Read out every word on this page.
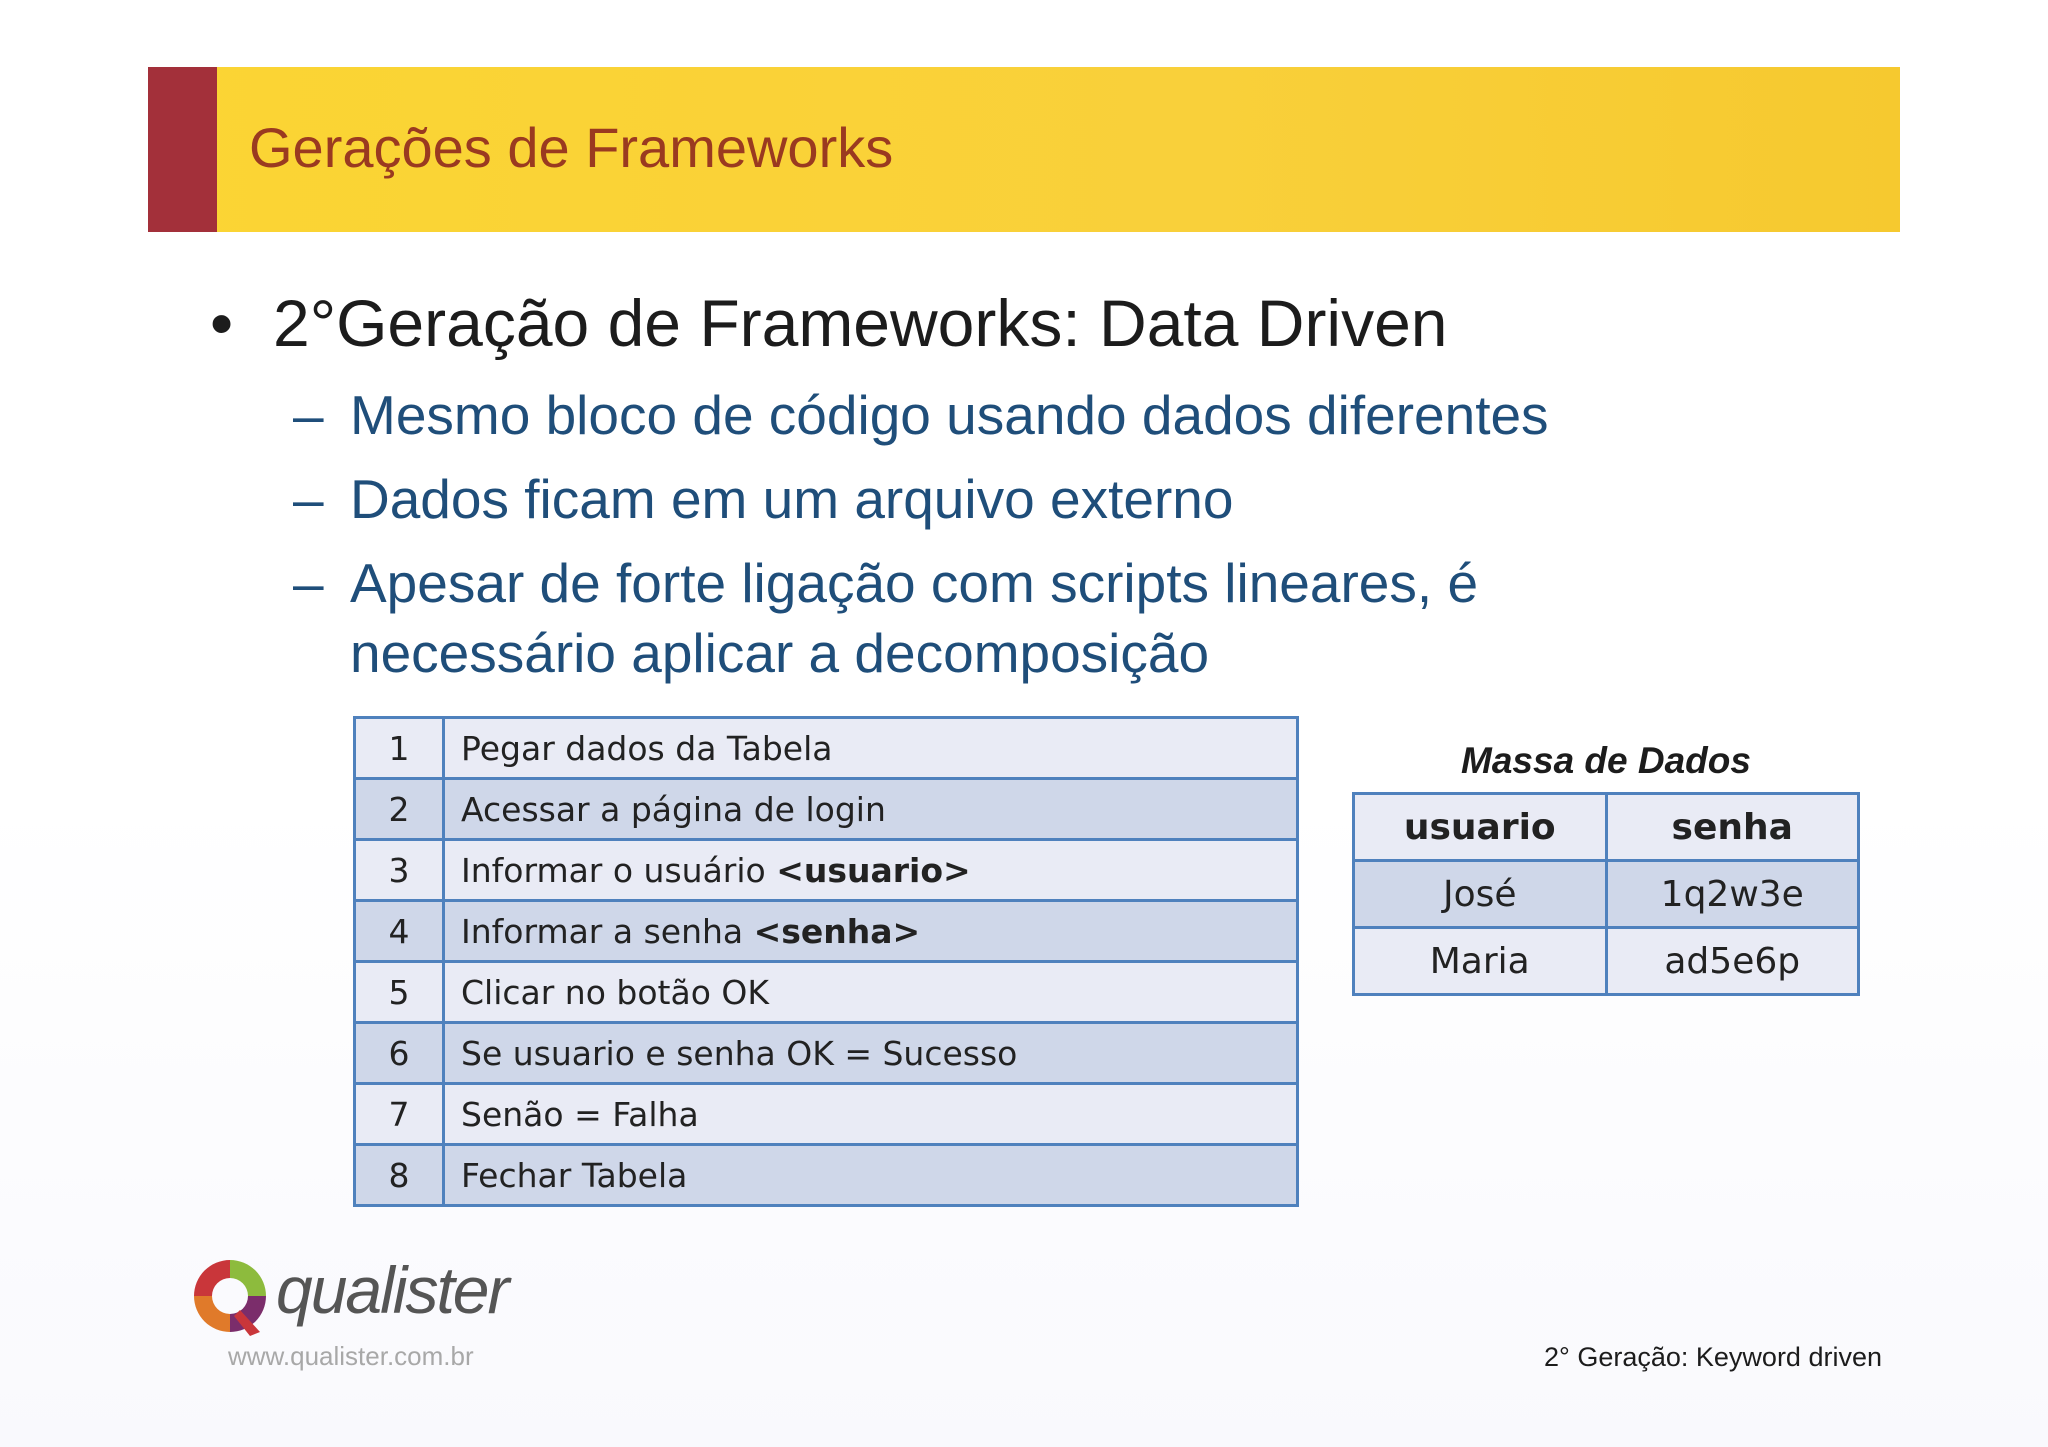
Gerações de Frameworks
• 2°Geração de Frameworks: Data Driven
– Mesmo bloco de código usando dados diferentes
– Dados ficam em um arquivo externo
– Apesar de forte ligação com scripts lineares, é necessário aplicar a decomposição
1	Pegar dados da Tabela
2	Acessar a página de login
3	Informar o usuário <usuario>
4	Informar a senha <senha>
5	Clicar no botão OK
6	Se usuario e senha OK = Sucesso
7	Senão = Falha
8	Fechar Tabela
Massa de Dados
usuario	senha
José	1q2w3e
Maria	ad5e6p
qualister
www.qualister.com.br	2° Geração: Keyword driven
